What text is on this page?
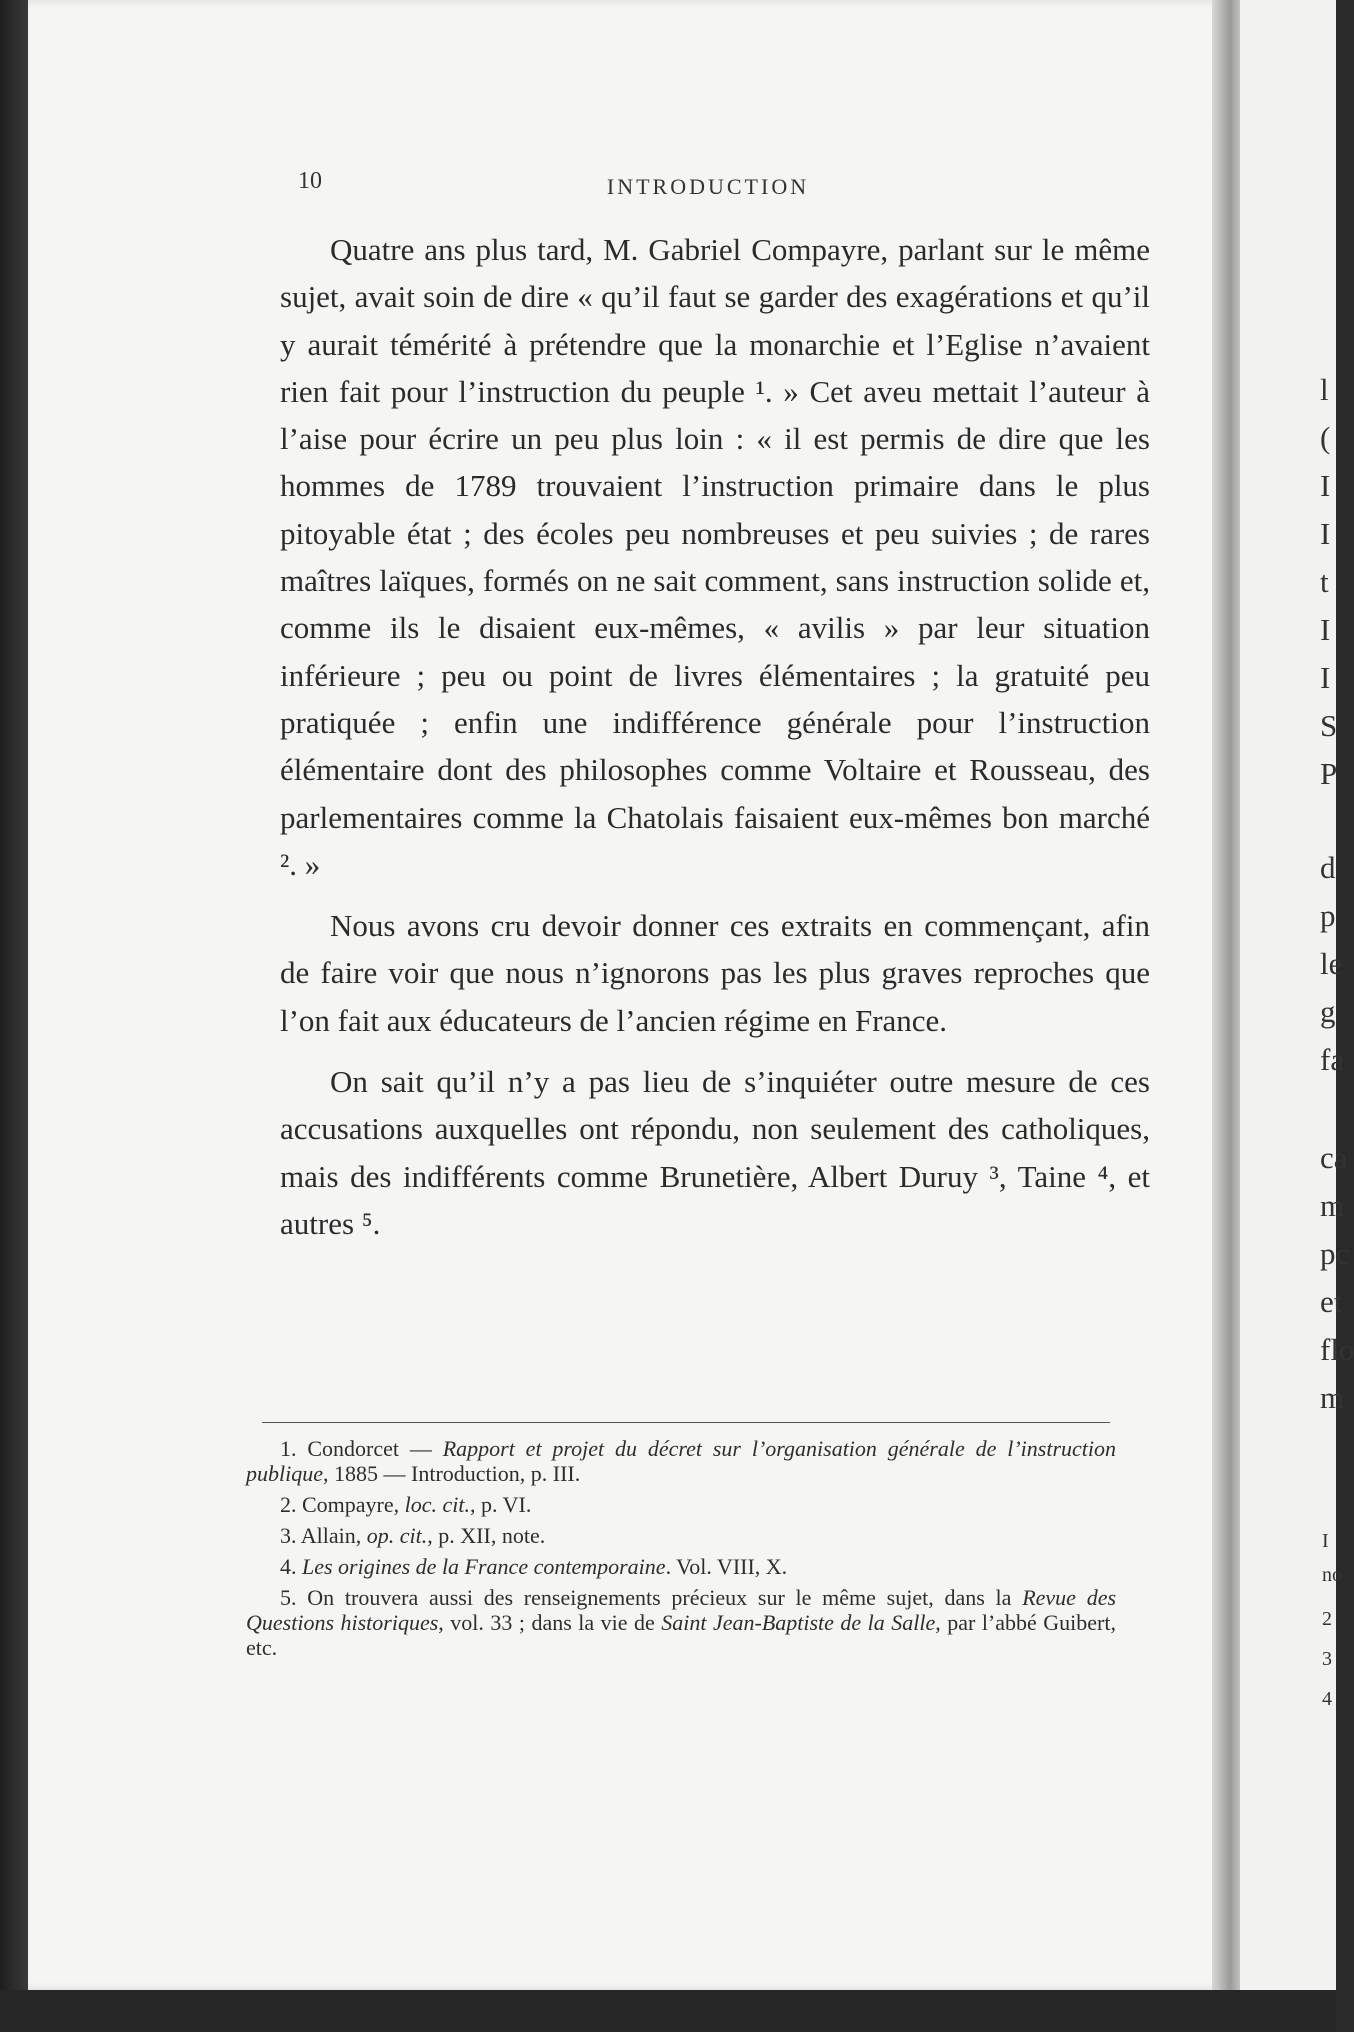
10	INTRODUCTION

Quatre ans plus tard, M. Gabriel Compayre, parlant sur le même sujet, avait soin de dire « qu’il faut se garder des exagérations et qu’il y aurait témérité à prétendre que la monarchie et l’Eglise n’avaient rien fait pour l’instruction du peuple ¹. » Cet aveu mettait l’auteur à l’aise pour écrire un peu plus loin : « il est permis de dire que les hommes de 1789 trouvaient l’instruction primaire dans le plus pitoyable état ; des écoles peu nombreuses et peu suivies ; de rares maîtres laïques, formés on ne sait comment, sans instruction solide et, comme ils le disaient eux-mêmes, « avilis » par leur situation inférieure ; peu ou point de livres élémentaires ; la gratuité peu pratiquée ; enfin une indifférence générale pour l’instruction élémentaire dont des philosophes comme Voltaire et Rousseau, des parlementaires comme la Chatolais faisaient eux-mêmes bon marché ². »

Nous avons cru devoir donner ces extraits en commençant, afin de faire voir que nous n’ignorons pas les plus graves reproches que l’on fait aux éducateurs de l’ancien régime en France.

On sait qu’il n’y a pas lieu de s’inquiéter outre mesure de ces accusations auxquelles ont répondu, non seulement des catholiques, mais des indifférents comme Brunetière, Albert Duruy ³, Taine ⁴, et autres ⁵.

1. Condorcet — Rapport et projet du décret sur l’organisation générale de l’instruction publique, 1885 — Introduction, p. III.

2. Compayre, loc. cit., p. VI.

3. Allain, op. cit., p. XII, note.

4. Les origines de la France contemporaine. Vol. VIII, X.

5. On trouvera aussi des renseignements précieux sur le même sujet, dans la Revue des Questions historiques, vol. 33 ; dans la vie de Saint Jean-Baptiste de la Salle, par l’abbé Guibert, etc.

l
(
I
I
t
I
I
S
P
d
p
le
g
fa
ca
m
pc
et
flo
m
I
no
2
3
4
